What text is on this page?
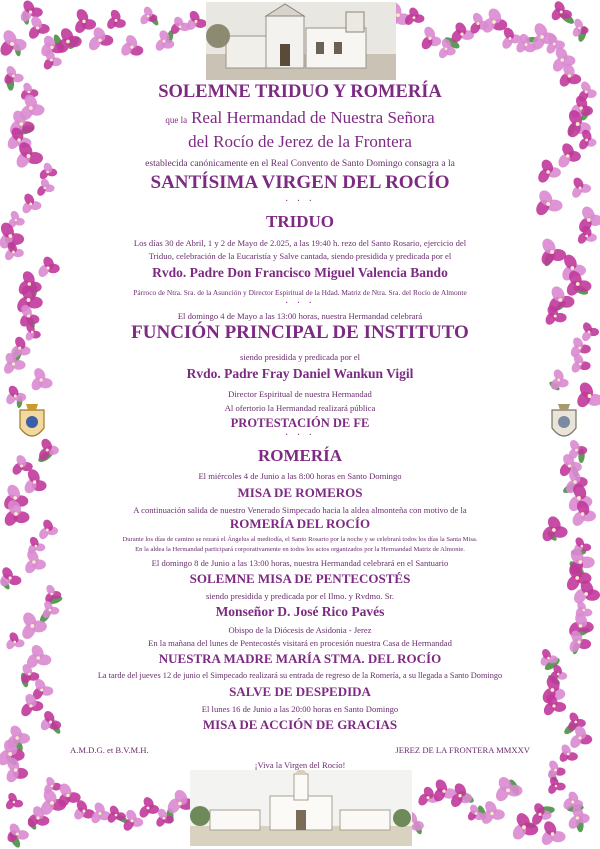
SOLEMNE TRIDUO Y ROMERÍA
que la Real Hermandad de Nuestra Señora
del Rocío de Jerez de la Frontera
establecida canónicamente en el Real Convento de Santo Domingo consagra a la
SANTÍSIMA VIRGEN DEL ROCÍO
· · ·
TRIDUO
Los días 30 de Abril, 1 y 2 de Mayo de 2.025, a las 19:40 h. rezo del Santo Rosario, ejercicio del
Triduo, celebración de la Eucaristía y Salve cantada, siendo presidida y predicada por el
Rvdo. Padre Don Francisco Miguel Valencia Bando
Párroco de Ntra. Sra. de la Asunción y Director Espiritual de la Hdad. Matriz de Ntra. Sra. del Rocío de Almonte
· · ·
El domingo 4 de Mayo a las 13:00 horas, nuestra Hermandad celebrará
FUNCIÓN PRINCIPAL DE INSTITUTO
siendo presidida y predicada por el
Rvdo. Padre Fray Daniel Wankun Vigil
Director Espiritual de nuestra Hermandad
Al ofertorio la Hermandad realizará pública
PROTESTACIÓN DE FE
· · ·
ROMERÍA
El miércoles 4 de Junio a las 8:00 horas en Santo Domingo
MISA DE ROMEROS
A continuación salida de nuestro Venerado Simpecado hacia la aldea almonteña con motivo de la
ROMERÍA DEL ROCÍO
Durante los días de camino se rezará el Ángelus al mediodía, el Santo Rosario por la noche y se celebrará todos los días la Santa Misa.
En la aldea la Hermandad participará corporativamente en todos los actos organizados por la Hermandad Matriz de Almonte.
El domingo 8 de Junio a las 13:00 horas, nuestra Hermandad celebrará en el Santuario
SOLEMNE MISA DE PENTECOSTÉS
siendo presidida y predicada por el Ilmo. y Rvdmo. Sr.
Monseñor D. José Rico Pavés
Obispo de la Diócesis de Asidonia - Jerez
En la mañana del lunes de Pentecostés visitará en procesión nuestra Casa de Hermandad
NUESTRA MADRE MARÍA STMA. DEL ROCÍO
La tarde del jueves 12 de junio el Simpecado realizará su entrada de regreso de la Romería, a su llegada a Santo Domingo
SALVE DE DESPEDIDA
El lunes 16 de Junio a las 20:00 horas en Santo Domingo
MISA DE ACCIÓN DE GRACIAS
A.M.D.G. et B.V.M.H.	JEREZ DE LA FRONTERA MMXXV
¡Viva la Virgen del Rocío!
